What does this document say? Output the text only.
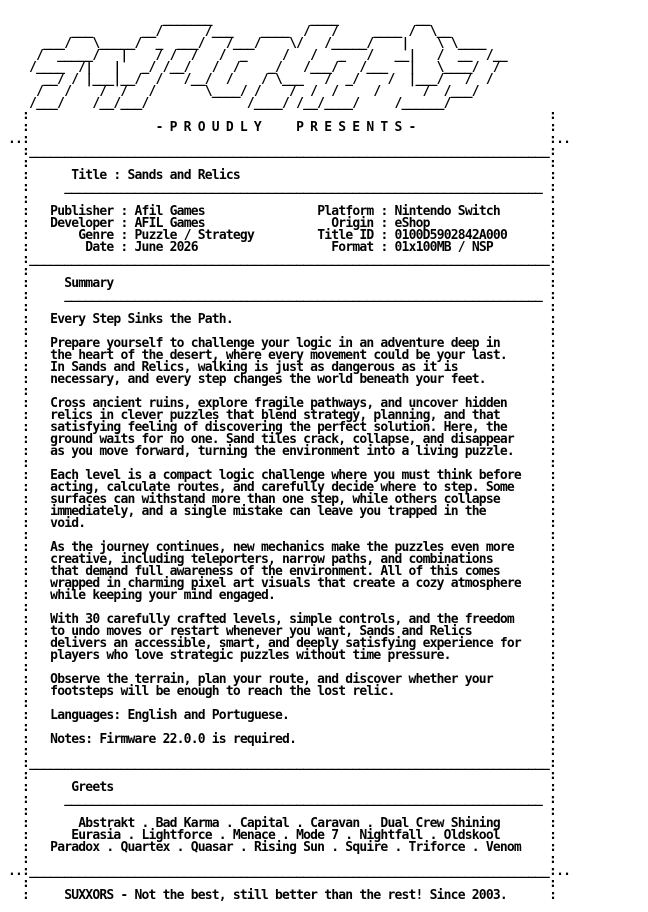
_______              ____           __
___       __/      /___    ____  /   /     ____ /  \__
___/   \_____/  _  ___/   /___/    \/   /_____/    |    \ \____
/  _____/   |    / /  /   /  _     /   /   _   /   __|   /  __  /__
/____  /|   |   _/ /__/   /  /    _/   /___/   /___   |   \____/  /
__/ / |___|__/  /   /__/  /    / \___   /  _/    /  |___/   /  /
/   /    /  /   /       \____/ /    /  /  /     /      /  /___/
/___/    /__/___/              /____/ /__/____/     /______/
:                                                                          :
:                  - P R O U D L Y     P R E S E N T S -                   :
..:                                                                          :..
:__________________________________________________________________________:
:                                                                          :
:      Title : Sands and Relics                                            :
:     ____________________________________________________________________ :
:                                                                          :
:   Publisher : Afil Games	Platform : Nintendo Switch       :
:   Developer : AFIL Games	Origin : eShop                 :
:       Genre : Puzzle / Strategy	Title ID : 0100D5902842A000      :
:        Date : June 2026	Format : 01x100MB / NSP        :
:__________________________________________________________________________:
:                                                                          :
:     Summary                                                              :
:     ____________________________________________________________________ :
:                                                                          :
:   Every Step Sinks the Path.                                             :
:                                                                          :
:   Prepare yourself to challenge your logic in an adventure deep in       :
:   the heart of the desert, where every movement could be your last.      :
:   In Sands and Relics, walking is just as dangerous as it is             :
:   necessary, and every step changes the world beneath your feet.         :
:                                                                          :
:   Cross ancient ruins, explore fragile pathways, and uncover hidden      :
:   relics in clever puzzles that blend strategy, planning, and that       :
:   satisfying feeling of discovering the perfect solution. Here, the      :
:   ground waits for no one. Sand tiles crack, collapse, and disappear     :
:   as you move forward, turning the environment into a living puzzle.     :
:                                                                          :
:   Each level is a compact logic challenge where you must think before    :
:   acting, calculate routes, and carefully decide where to step. Some     :
:   surfaces can withstand more than one step, while others collapse       :
:   immediately, and a single mistake can leave you trapped in the         :
:   void.                                                                  :
:                                                                          :
:   As the journey continues, new mechanics make the puzzles even more     :
:   creative, including teleporters, narrow paths, and combinations        :
:   that demand full awareness of the environment. All of this comes       :
:   wrapped in charming pixel art visuals that create a cozy atmosphere    :
:   while keeping your mind engaged.                                       :
:                                                                          :
:   With 30 carefully crafted levels, simple controls, and the freedom     :
:   to undo moves or restart whenever you want, Sands and Relics           :
:   delivers an accessible, smart, and deeply satisfying experience for    :
:   players who love strategic puzzles without time pressure.              :
:                                                                          :
:   Observe the terrain, plan your route, and discover whether your        :
:   footsteps will be enough to reach the lost relic.                      :
:                                                                          :
:   Languages: English and Portuguese.                                     :
:                                                                          :
:   Notes: Firmware 22.0.0 is required.                                    :
:                                                                          :
:__________________________________________________________________________:
:                                                                          :
:      Greets                                                              :
:     ____________________________________________________________________ :
:                                                                          :
:       Abstrakt . Bad Karma . Capital . Caravan . Dual Crew Shining       :
:      Eurasia . Lightforce . Menace . Mode 7 . Nightfall . Oldskool       :
:   Paradox . Quartex . Quasar . Rising Sun . Squire . Triforce . Venom    :
:                                                                          :
..:__________________________________________________________________________:..
:                                                                          :
:     SUXXORS - Not the best, still better than the rest! Since 2003.      :
